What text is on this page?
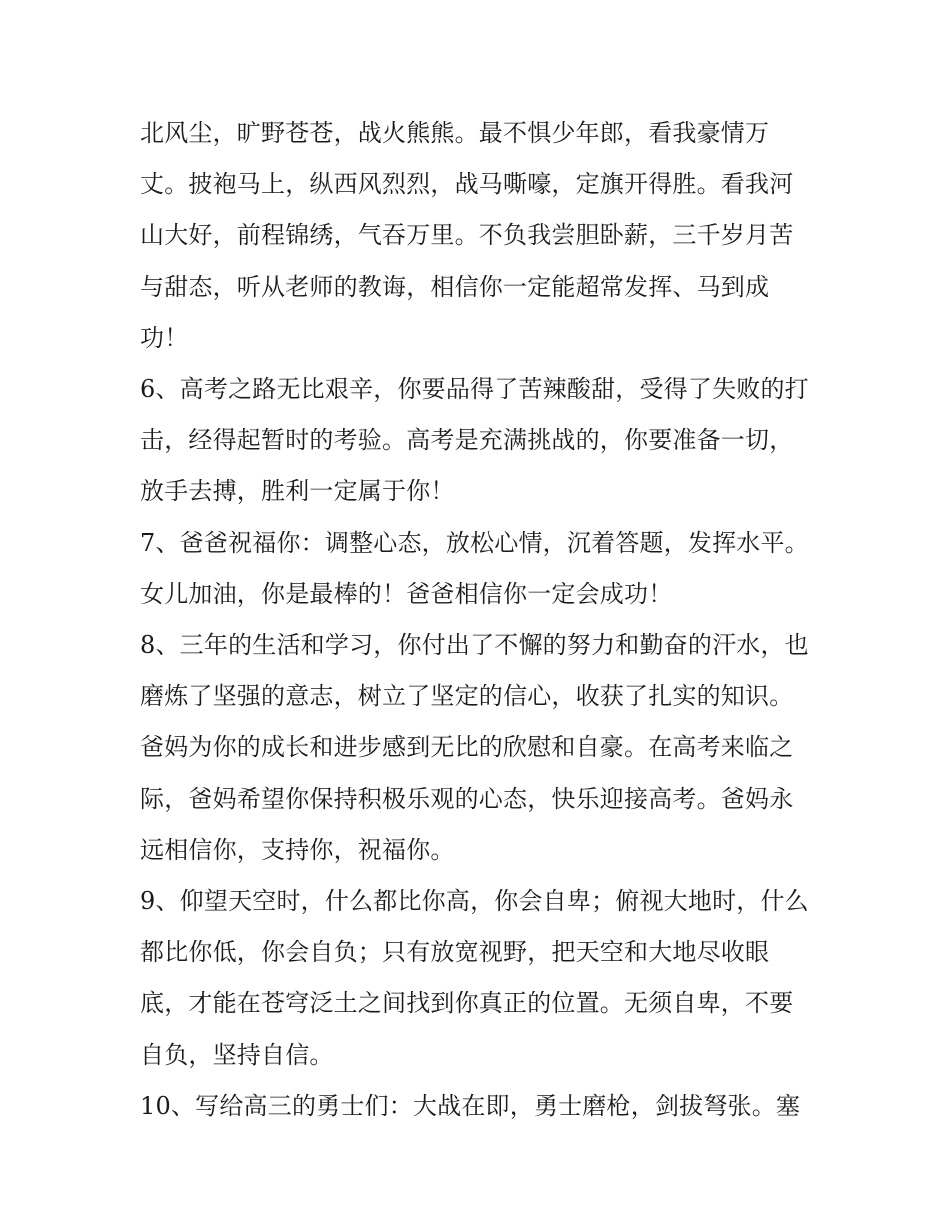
北风尘，旷野苍苍，战火熊熊。最不惧少年郎，看我豪情万丈。披袍马上，纵西风烈烈，战马嘶嚎，定旗开得胜。看我河山大好，前程锦绣，气吞万里。不负我尝胆卧薪，三千岁月苦与甜态，听从老师的教诲，相信你一定能超常发挥、马到成功！

6、高考之路无比艰辛，你要品得了苦辣酸甜，受得了失败的打击，经得起暂时的考验。高考是充满挑战的，你要准备一切，放手去搏，胜利一定属于你！

7、爸爸祝福你：调整心态，放松心情，沉着答题，发挥水平。女儿加油，你是最棒的！爸爸相信你一定会成功！

8、三年的生活和学习，你付出了不懈的努力和勤奋的汗水，也磨炼了坚强的意志，树立了坚定的信心，收获了扎实的知识。爸妈为你的成长和进步感到无比的欣慰和自豪。在高考来临之际，爸妈希望你保持积极乐观的心态，快乐迎接高考。爸妈永远相信你，支持你，祝福你。

9、仰望天空时，什么都比你高，你会自卑；俯视大地时，什么都比你低，你会自负；只有放宽视野，把天空和大地尽收眼底，才能在苍穹泛土之间找到你真正的位置。无须自卑，不要自负，坚持自信。

10、写给高三的勇士们：大战在即，勇士磨枪，剑拔弩张。塞
